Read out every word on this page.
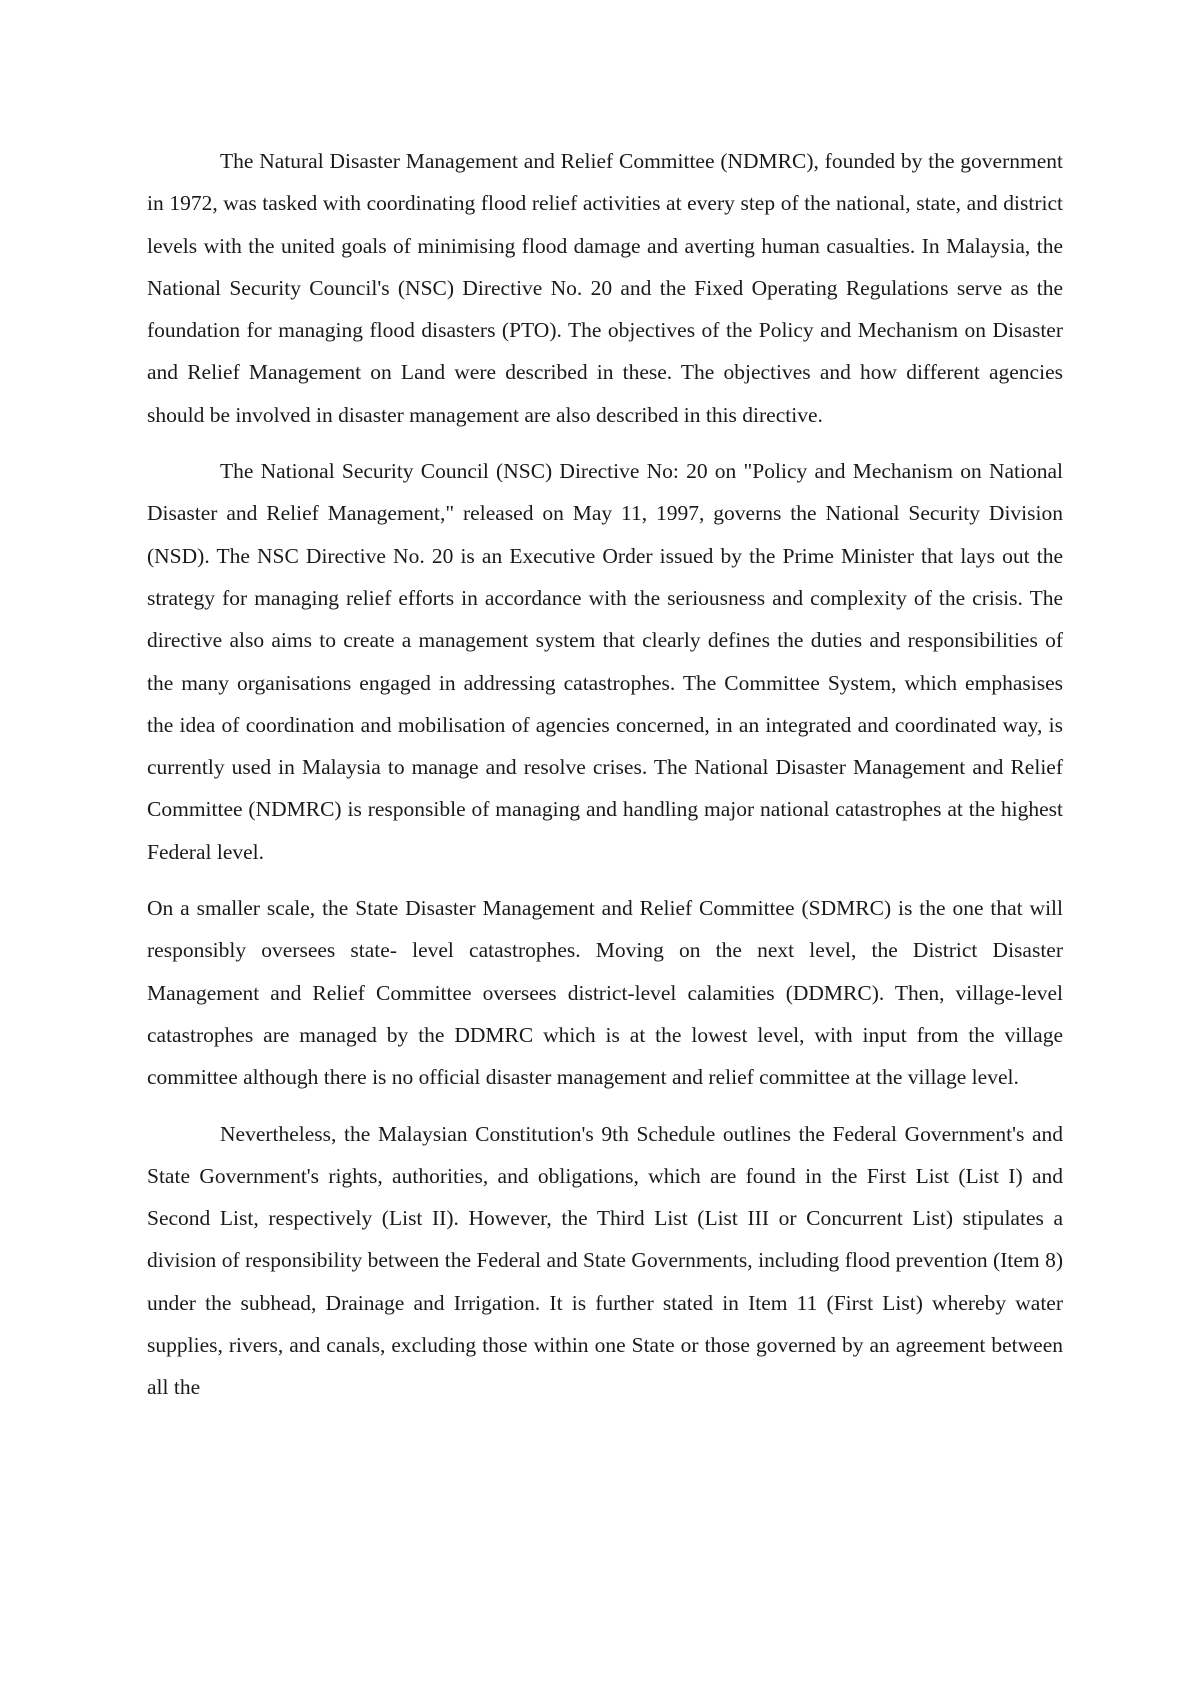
The Natural Disaster Management and Relief Committee (NDMRC), founded by the government in 1972, was tasked with coordinating flood relief activities at every step of the national, state, and district levels with the united goals of minimising flood damage and averting human casualties. In Malaysia, the National Security Council's (NSC) Directive No. 20 and the Fixed Operating Regulations serve as the foundation for managing flood disasters (PTO). The objectives of the Policy and Mechanism on Disaster and Relief Management on Land were described in these. The objectives and how different agencies should be involved in disaster management are also described in this directive.

The National Security Council (NSC) Directive No: 20 on "Policy and Mechanism on National Disaster and Relief Management," released on May 11, 1997, governs the National Security Division (NSD). The NSC Directive No. 20 is an Executive Order issued by the Prime Minister that lays out the strategy for managing relief efforts in accordance with the seriousness and complexity of the crisis. The directive also aims to create a management system that clearly defines the duties and responsibilities of the many organisations engaged in addressing catastrophes. The Committee System, which emphasises the idea of coordination and mobilisation of agencies concerned, in an integrated and coordinated way, is currently used in Malaysia to manage and resolve crises. The National Disaster Management and Relief Committee (NDMRC) is responsible of managing and handling major national catastrophes at the highest Federal level.

On a smaller scale, the State Disaster Management and Relief Committee (SDMRC) is the one that will responsibly oversees state- level catastrophes. Moving on the next level, the District Disaster Management and Relief Committee oversees district-level calamities (DDMRC). Then, village-level catastrophes are managed by the DDMRC which is at the lowest level, with input from the village committee although there is no official disaster management and relief committee at the village level.

Nevertheless, the Malaysian Constitution's 9th Schedule outlines the Federal Government's and State Government's rights, authorities, and obligations, which are found in the First List (List I) and Second List, respectively (List II). However, the Third List (List III or Concurrent List) stipulates a division of responsibility between the Federal and State Governments, including flood prevention (Item 8) under the subhead, Drainage and Irrigation. It is further stated in Item 11 (First List) whereby water supplies, rivers, and canals, excluding those within one State or those governed by an agreement between all the
